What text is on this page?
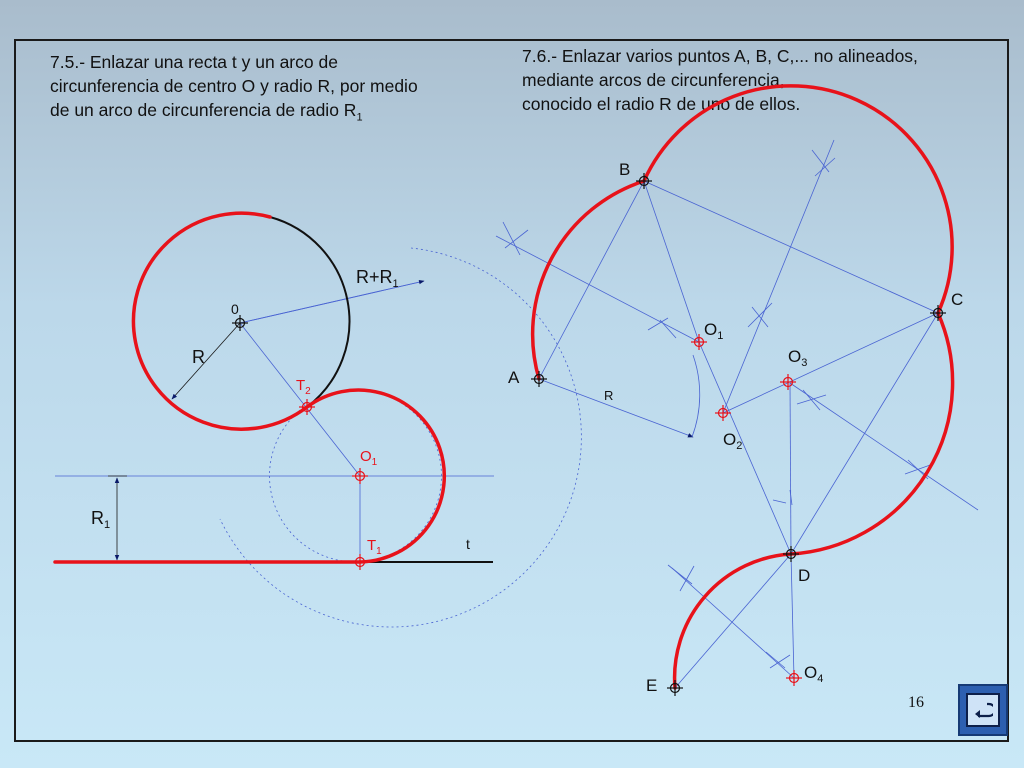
7.5.- Enlazar una recta t y un arco de
circunferencia de centro O y radio R, por medio
de un arco de circunferencia de radio $R_1$

7.6.- Enlazar varios puntos A, B, C,... no alineados,
mediante arcos de circunferencia,
conocido el radio R de uno de ellos.

0
R
$R+R_1$
$T_2$
$O_1$
$T_1$
$R_1$
t
A
B
C
D
E
R
$O_1$
$O_2$
$O_3$
$O_4$
16
